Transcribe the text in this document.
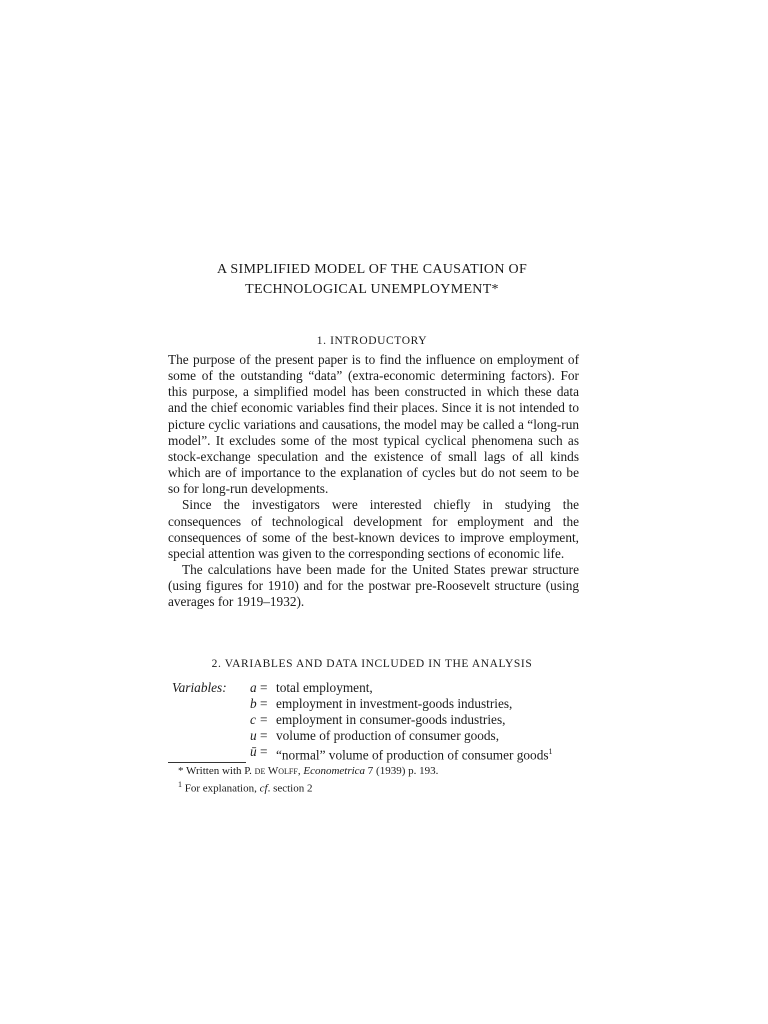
A SIMPLIFIED MODEL OF THE CAUSATION OF
TECHNOLOGICAL UNEMPLOYMENT*
1. INTRODUCTORY

The purpose of the present paper is to find the influence on employment of some of the outstanding “data” (extra-economic determining factors). For this purpose, a simplified model has been constructed in which these data and the chief economic variables find their places. Since it is not intended to picture cyclic variations and causations, the model may be called a “long-run model”. It excludes some of the most typical cyclical phenomena such as stock-exchange speculation and the existence of small lags of all kinds which are of importance to the explanation of cycles but do not seem to be so for long-run developments.

Since the investigators were interested chiefly in studying the consequences of technological development for employment and the consequences of some of the best-known devices to improve employment, special attention was given to the corresponding sections of economic life.

The calculations have been made for the United States prewar structure (using figures for 1910) and for the postwar pre-Roosevelt structure (using averages for 1919–1932).

2. VARIABLES AND DATA INCLUDED IN THE ANALYSIS
Variables: a = total employment,
b = employment in investment-goods industries,
c = employment in consumer-goods industries,
u = volume of production of consumer goods,
ū = “normal” volume of production of consumer goods$^1$
* Written with P. de Wolff, Econometrica 7 (1939) p. 193.
$^1$ For explanation, cf. section 2
